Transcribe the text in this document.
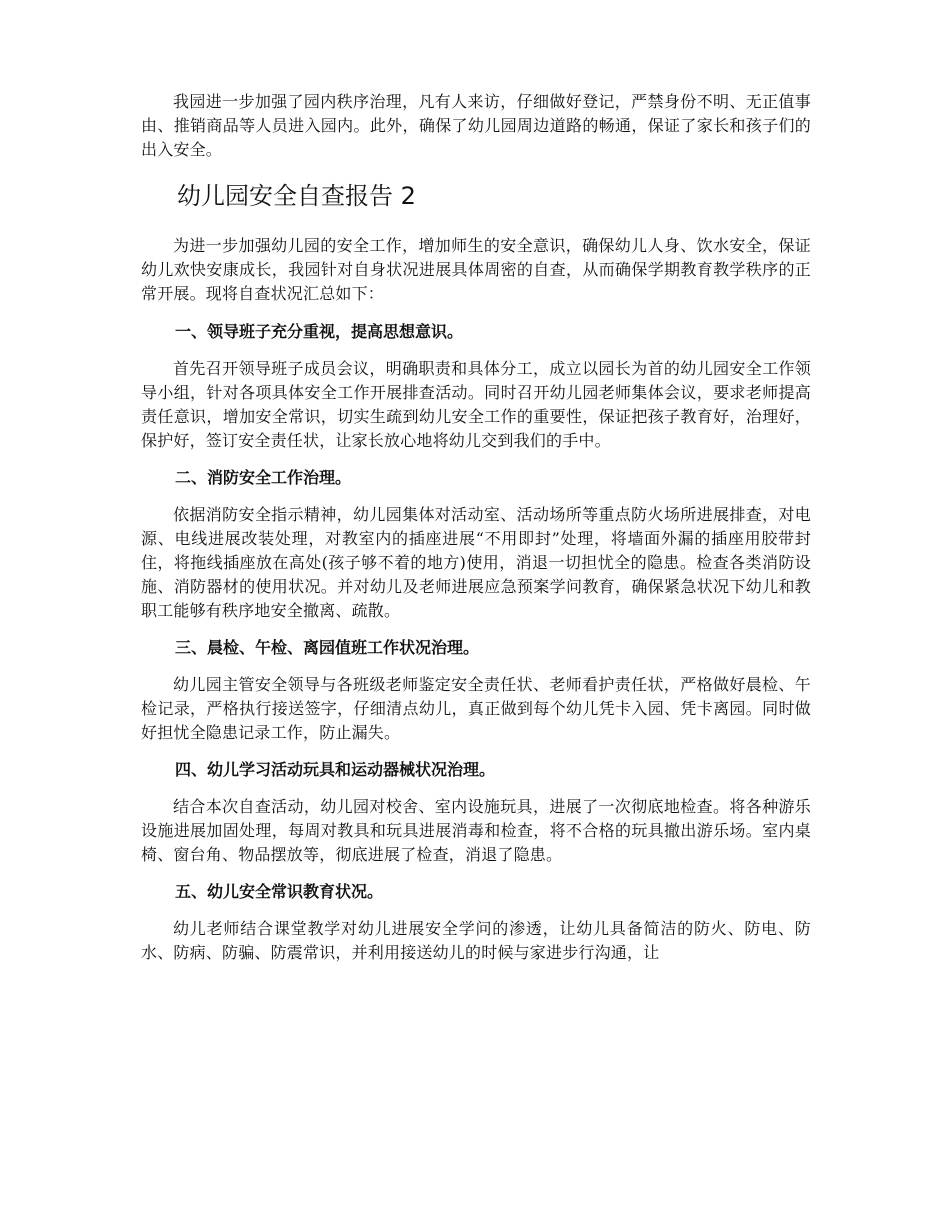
我园进一步加强了园内秩序治理，凡有人来访，仔细做好登记，严禁身份不明、无正值事由、推销商品等人员进入园内。此外，确保了幼儿园周边道路的畅通，保证了家长和孩子们的出入安全。

幼儿园安全自查报告 2

为进一步加强幼儿园的安全工作，增加师生的安全意识，确保幼儿人身、饮水安全，保证幼儿欢快安康成长，我园针对自身状况进展具体周密的自查，从而确保学期教育教学秩序的正常开展。现将自查状况汇总如下：

一、领导班子充分重视，提高思想意识。

首先召开领导班子成员会议，明确职责和具体分工，成立以园长为首的幼儿园安全工作领导小组，针对各项具体安全工作开展排查活动。同时召开幼儿园老师集体会议，要求老师提高责任意识，增加安全常识，切实生疏到幼儿安全工作的重要性，保证把孩子教育好，治理好，保护好，签订安全责任状，让家长放心地将幼儿交到我们的手中。

二、消防安全工作治理。

依据消防安全指示精神，幼儿园集体对活动室、活动场所等重点防火场所进展排查，对电源、电线进展改装处理，对教室内的插座进展“不用即封”处理，将墙面外漏的插座用胶带封住，将拖线插座放在高处(孩子够不着的地方)使用，消退一切担忧全的隐患。检查各类消防设施、消防器材的使用状况。并对幼儿及老师进展应急预案学问教育，确保紧急状况下幼儿和教职工能够有秩序地安全撤离、疏散。

三、晨检、午检、离园值班工作状况治理。

幼儿园主管安全领导与各班级老师鉴定安全责任状、老师看护责任状，严格做好晨检、午检记录，严格执行接送签字，仔细清点幼儿，真正做到每个幼儿凭卡入园、凭卡离园。同时做好担忧全隐患记录工作，防止漏失。

四、幼儿学习活动玩具和运动器械状况治理。

结合本次自查活动，幼儿园对校舍、室内设施玩具，进展了一次彻底地检查。将各种游乐设施进展加固处理，每周对教具和玩具进展消毒和检查，将不合格的玩具撤出游乐场。室内桌椅、窗台角、物品摆放等，彻底进展了检查，消退了隐患。

五、幼儿安全常识教育状况。

幼儿老师结合课堂教学对幼儿进展安全学问的渗透，让幼儿具备简洁的防火、防电、防水、防病、防骗、防震常识，并利用接送幼儿的时候与家进步行沟通，让
